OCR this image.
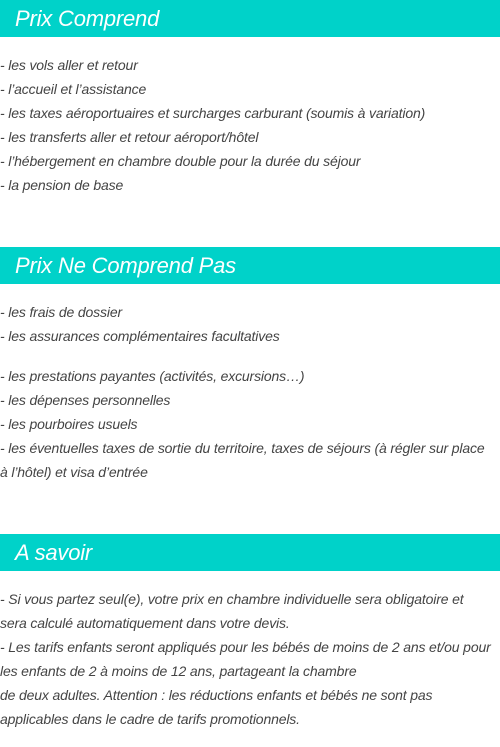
Prix Comprend
- les vols aller et retour
- l’accueil et l’assistance
- les taxes aéroportuaires et surcharges carburant (soumis à variation)
- les transferts aller et retour aéroport/hôtel
- l’hébergement en chambre double pour la durée du séjour
- la pension de base
Prix Ne Comprend Pas
- les frais de dossier
- les assurances complémentaires facultatives
- les prestations payantes (activités, excursions…)
- les dépenses personnelles
- les pourboires usuels
- les éventuelles taxes de sortie du territoire, taxes de séjours (à régler sur place
à l’hôtel) et visa d’entrée
A savoir
- Si vous partez seul(e), votre prix en chambre individuelle sera obligatoire et
sera calculé automatiquement dans votre devis.
- Les tarifs enfants seront appliqués pour les bébés de moins de 2 ans et/ou pour
les enfants de 2 à moins de 12 ans, partageant la chambre
de deux adultes. Attention : les réductions enfants et bébés ne sont pas
applicables dans le cadre de tarifs promotionnels.
